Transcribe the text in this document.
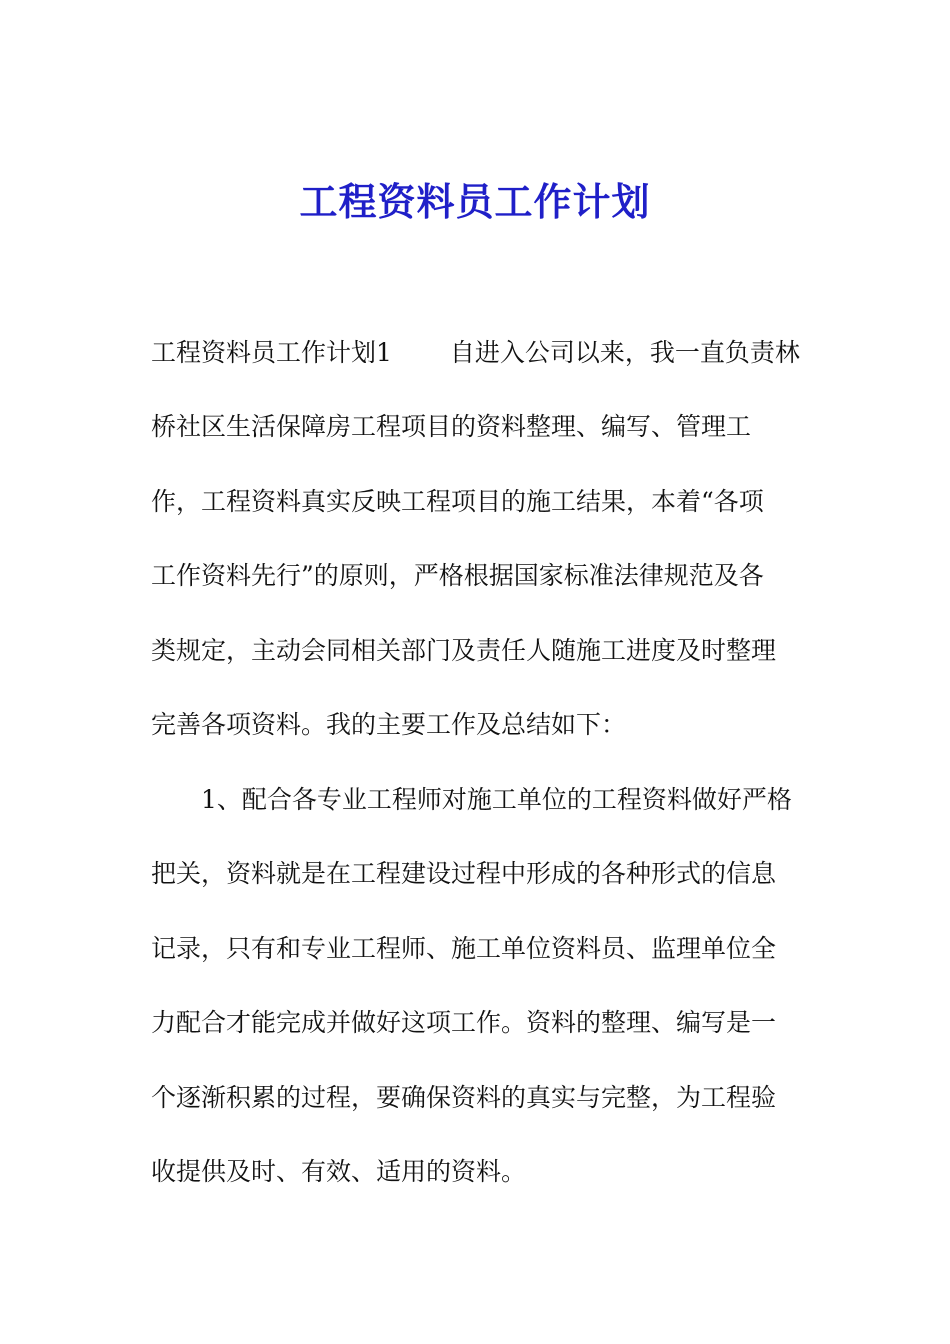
工程资料员工作计划
工程资料员工作计划1 自进入公司以来，我一直负责林
桥社区生活保障房工程项目的资料整理、编写、管理工
作，工程资料真实反映工程项目的施工结果，本着“各项
工作资料先行”的原则，严格根据国家标准法律规范及各
类规定，主动会同相关部门及责任人随施工进度及时整理
完善各项资料。我的主要工作及总结如下：
1、配合各专业工程师对施工单位的工程资料做好严格
把关，资料就是在工程建设过程中形成的各种形式的信息
记录，只有和专业工程师、施工单位资料员、监理单位全
力配合才能完成并做好这项工作。资料的整理、编写是一
个逐渐积累的过程，要确保资料的真实与完整，为工程验
收提供及时、有效、适用的资料。
